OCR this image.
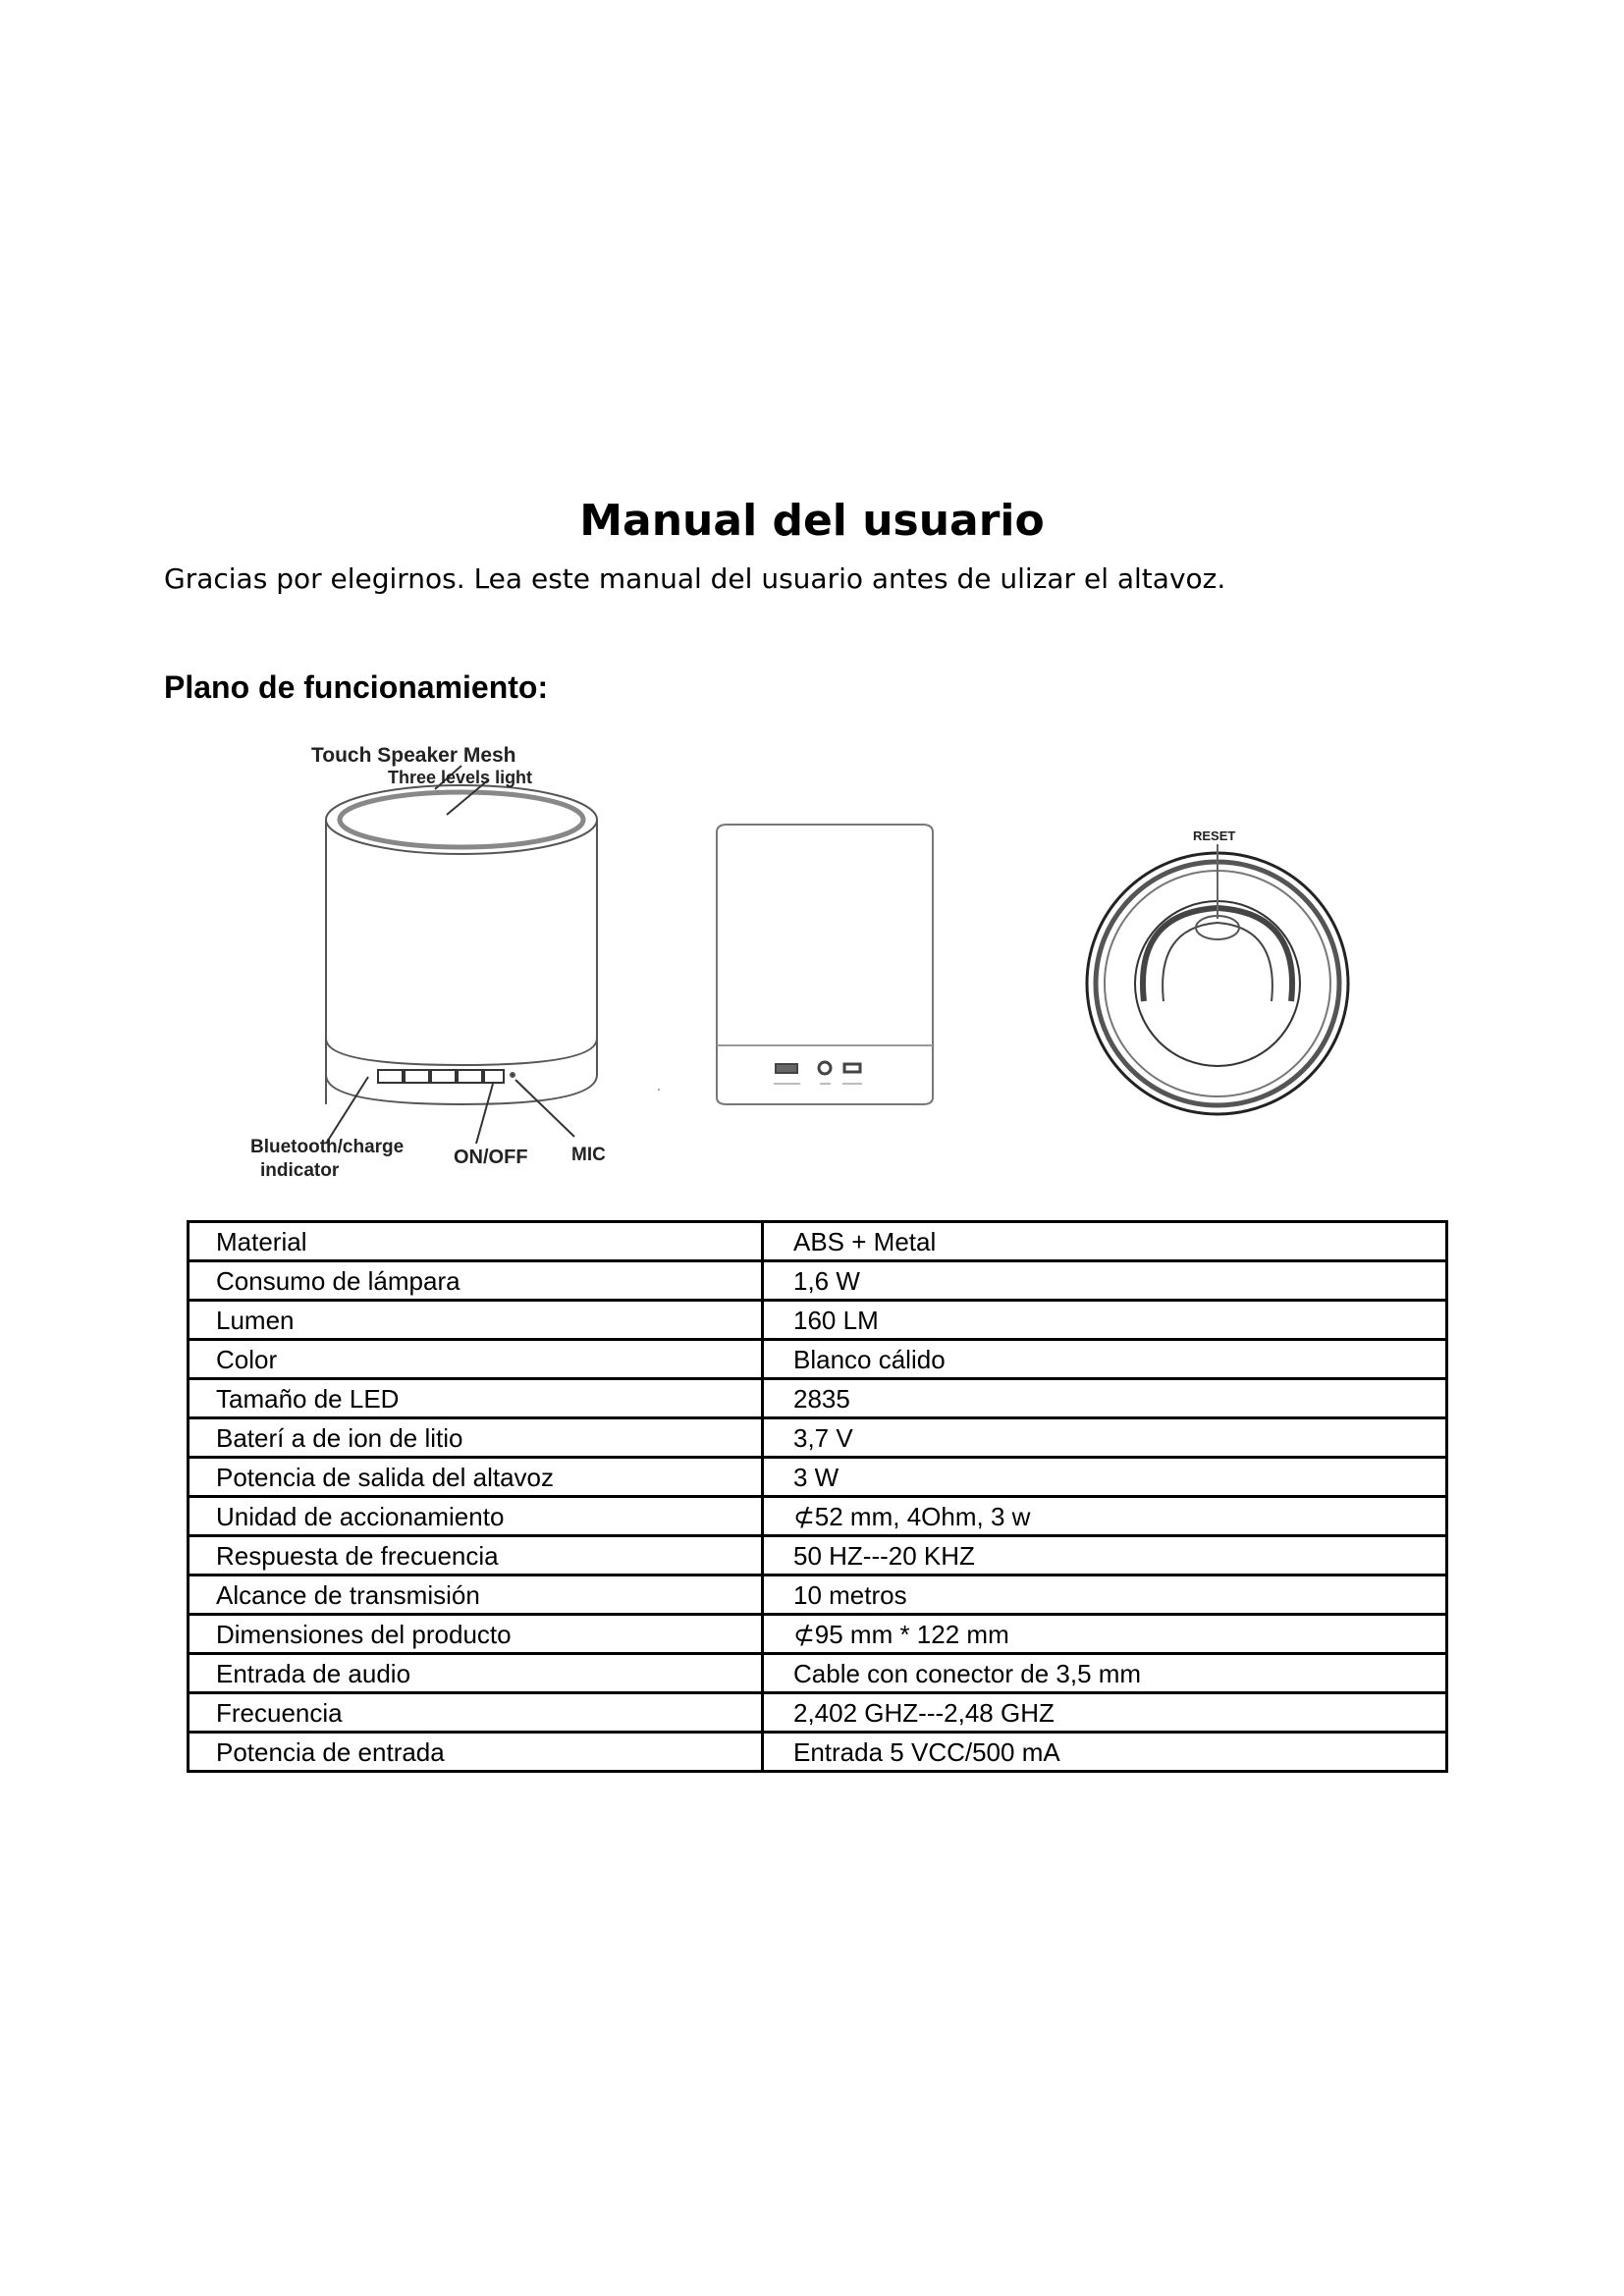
Manual del usuario

Gracias por elegirnos. Lea este manual del usuario antes de ulizar el altavoz.

Plano de funcionamiento:
Touch Speaker Mesh
Three levels light
Bluetooth/charge
indicator
ON/OFF MIC
RESET
Material	ABS + Metal
Consumo de lámpara	1,6 W
Lumen	160 LM
Color	Blanco cálido
Tamaño de LED	2835
Baterí a de ion de litio	3,7 V
Potencia de salida del altavoz	3 W
Unidad de accionamiento	⊄52 mm, 4Ohm, 3 w
Respuesta de frecuencia	50 HZ---20 KHZ
Alcance de transmisión	10 metros
Dimensiones del producto	⊄95 mm * 122 mm
Entrada de audio	Cable con conector de 3,5 mm
Frecuencia	2,402 GHZ---2,48 GHZ
Potencia de entrada	Entrada 5 VCC/500 mA
